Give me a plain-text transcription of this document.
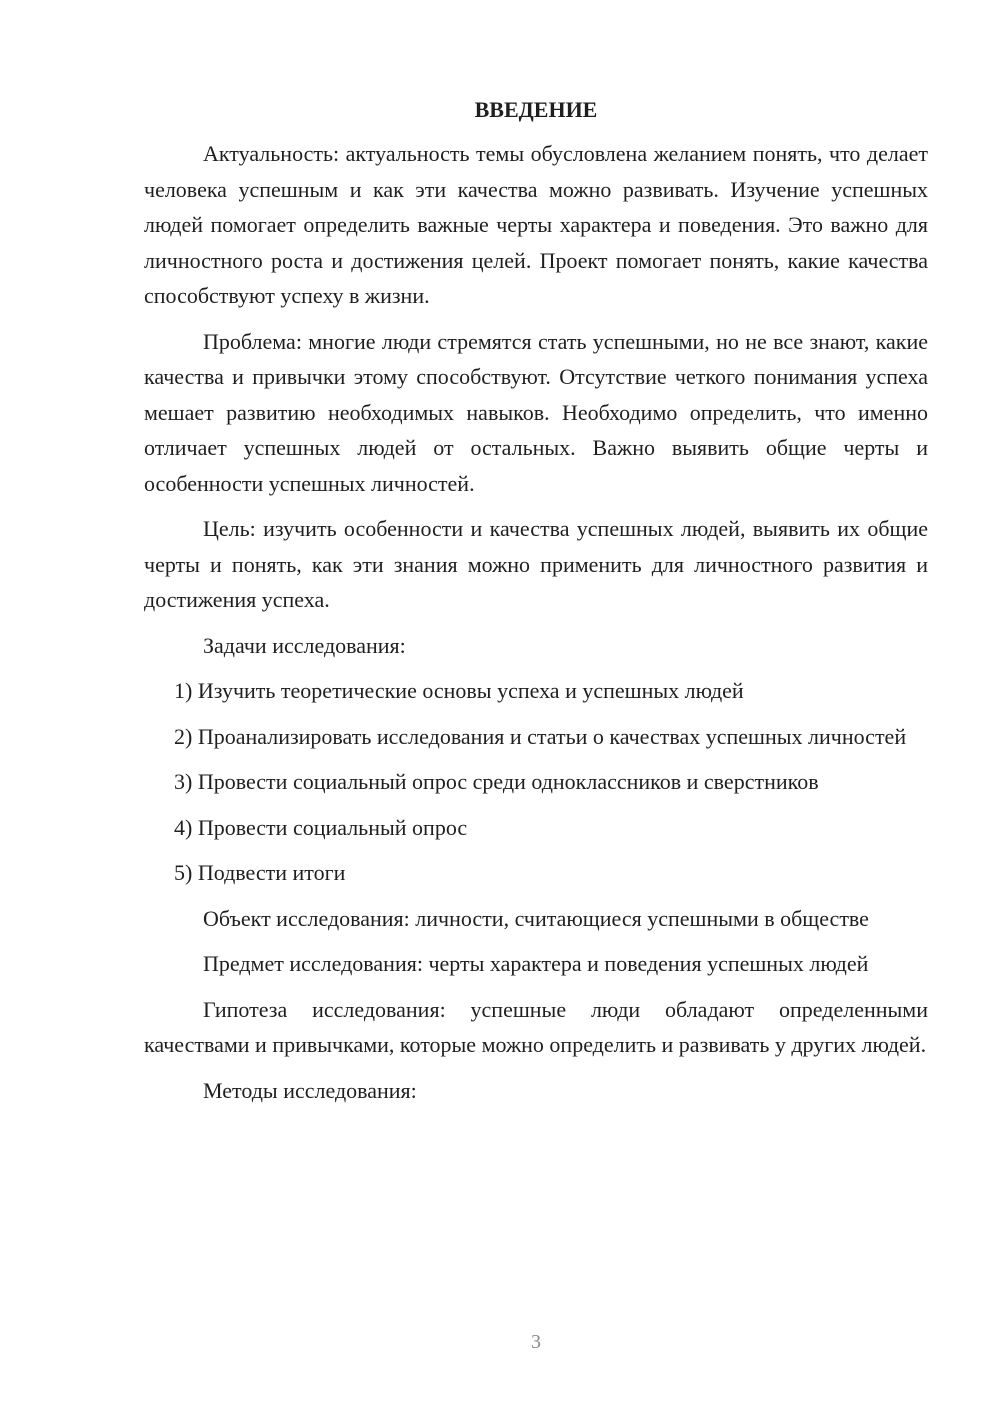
ВВЕДЕНИЕ

Актуальность: актуальность темы обусловлена желанием понять, что делает человека успешным и как эти качества можно развивать. Изучение успешных людей помогает определить важные черты характера и поведения. Это важно для личностного роста и достижения целей. Проект помогает понять, какие качества способствуют успеху в жизни.

Проблема: многие люди стремятся стать успешными, но не все знают, какие качества и привычки этому способствуют. Отсутствие четкого понимания успеха мешает развитию необходимых навыков. Необходимо определить, что именно отличает успешных людей от остальных. Важно выявить общие черты и особенности успешных личностей.

Цель: изучить особенности и качества успешных людей, выявить их общие черты и понять, как эти знания можно применить для личностного развития и достижения успеха.

Задачи исследования:

1) Изучить теоретические основы успеха и успешных людей

2) Проанализировать исследования и статьи о качествах успешных личностей

3) Провести социальный опрос среди одноклассников и сверстников

4) Провести социальный опрос

5) Подвести итоги

Объект исследования: личности, считающиеся успешными в обществе

Предмет исследования: черты характера и поведения успешных людей

Гипотеза исследования: успешные люди обладают определенными качествами и привычками, которые можно определить и развивать у других людей.

Методы исследования:

3
